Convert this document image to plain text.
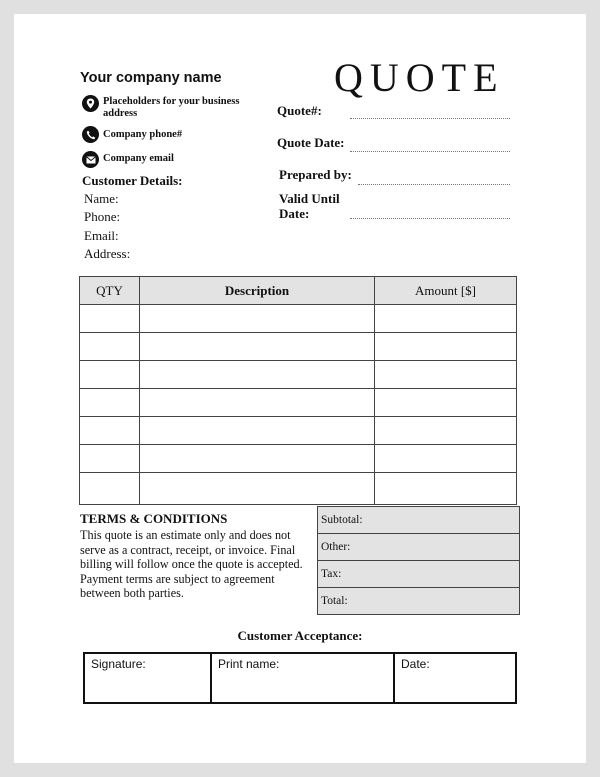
Your company name
Placeholders for your business address
Company phone#
Company email
Customer Details:
Name:
Phone:
Email:
Address:
QUOTE
Quote#:
Quote Date:
Prepared by:
Valid Until
Date:
QTY	Description	Amount [$]

TERMS & CONDITIONS
This quote is an estimate only and does not serve as a contract, receipt, or invoice. Final billing will follow once the quote is accepted. Payment terms are subject to agreement between both parties.
Subtotal:
Other:
Tax:
Total:
Customer Acceptance:
Signature:	Print name:	Date:
